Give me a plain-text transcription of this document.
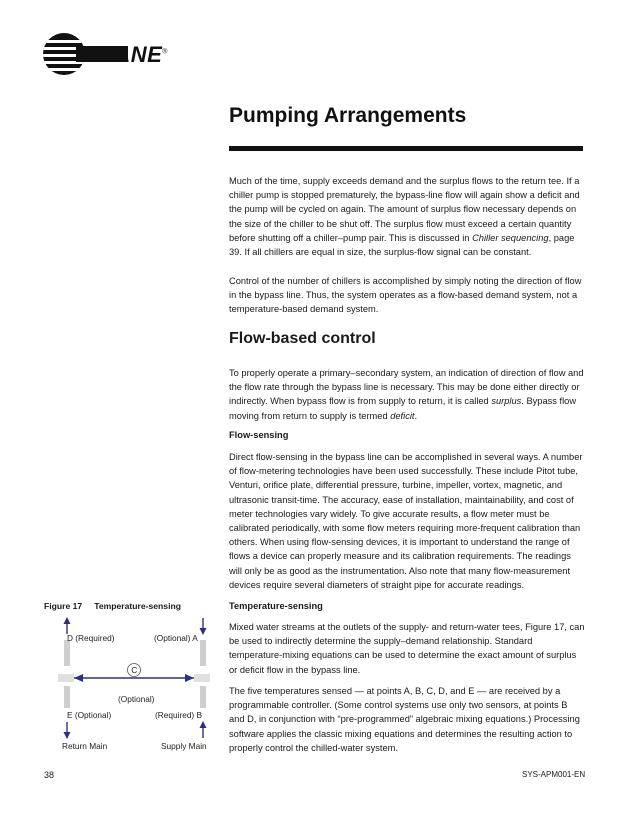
TRANE®
Pumping Arrangements

Much of the time, supply exceeds demand and the surplus flows to the return tee. If a chiller pump is stopped prematurely, the bypass-line flow will again show a deficit and the pump will be cycled on again. The amount of surplus flow necessary depends on the size of the chiller to be shut off. The surplus flow must exceed a certain quantity before shutting off a chiller–pump pair. This is discussed in Chiller sequencing, page 39. If all chillers are equal in size, the surplus-flow signal can be constant.

Control of the number of chillers is accomplished by simply noting the direction of flow in the bypass line. Thus, the system operates as a flow-based demand system, not a temperature-based demand system.

Flow-based control

To properly operate a primary–secondary system, an indication of direction of flow and the flow rate through the bypass line is necessary. This may be done either directly or indirectly. When bypass flow is from supply to return, it is called surplus. Bypass flow moving from return to supply is termed deficit.

Flow-sensing

Direct flow-sensing in the bypass line can be accomplished in several ways. A number of flow-metering technologies have been used successfully. These include Pitot tube, Venturi, orifice plate, differential pressure, turbine, impeller, vortex, magnetic, and ultrasonic transit-time. The accuracy, ease of installation, maintainability, and cost of meter technologies vary widely. To give accurate results, a flow meter must be calibrated periodically, with some flow meters requiring more-frequent calibration than others. When using flow-sensing devices, it is important to understand the range of flows a device can properly measure and its calibration requirements. The readings will only be as good as the instrumentation. Also note that many flow-measurement devices require several diameters of straight pipe for accurate readings.

Temperature-sensing

Mixed water streams at the outlets of the supply- and return-water tees, Figure 17, can be used to indirectly determine the supply–demand relationship. Standard temperature-mixing equations can be used to determine the exact amount of surplus or deficit flow in the bypass line.

The five temperatures sensed — at points A, B, C, D, and E — are received by a programmable controller. (Some control systems use only two sensors, at points B and D, in conjunction with “pre-programmed” algebraic mixing equations.) Processing software applies the classic mixing equations and determines the resulting action to properly control the chilled-water system.

Figure 17 Temperature-sensing
C
D (Required)	(Optional) A
(Optional)
E (Optional)	(Required) B
Return Main	Supply Main
38	SYS-APM001-EN
